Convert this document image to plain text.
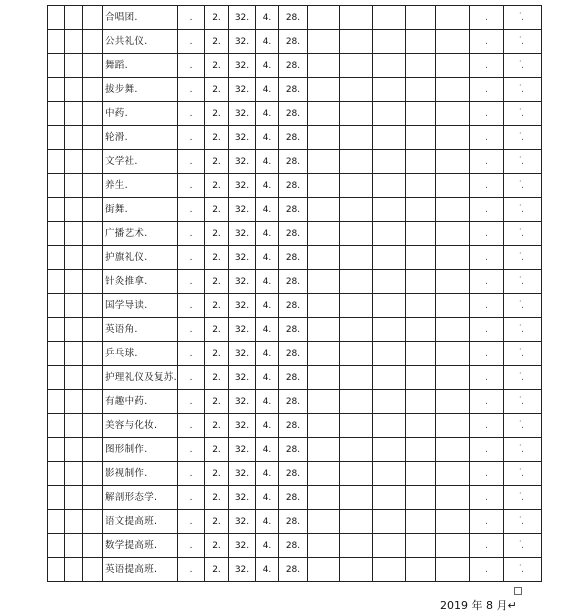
			合唱团.	.	2.	32.	4.	28.						.	.
			公共礼仪.	.	2.	32.	4.	28.						.	.
			舞蹈.	.	2.	32.	4.	28.						.	.
			拔步舞.	.	2.	32.	4.	28.						.	.
			中药.	.	2.	32.	4.	28.						.	.
			轮滑.	.	2.	32.	4.	28.						.	.
			文学社.	.	2.	32.	4.	28.						.	.
			养生.	.	2.	32.	4.	28.						.	.
			街舞.	.	2.	32.	4.	28.						.	.
			广播艺术.	.	2.	32.	4.	28.						.	.
			护旗礼仪.	.	2.	32.	4.	28.						.	.
			针灸推拿.	.	2.	32.	4.	28.						.	.
			国学导读.	.	2.	32.	4.	28.						.	.
			英语角.	.	2.	32.	4.	28.						.	.
			乒乓球.	.	2.	32.	4.	28.						.	.
			护理礼仪及复苏.	.	2.	32.	4.	28.						.	.
			有趣中药.	.	2.	32.	4.	28.						.	.
			美容与化妆.	.	2.	32.	4.	28.						.	.
			图形制作.	.	2.	32.	4.	28.						.	.
			影视制作.	.	2.	32.	4.	28.						.	.
			解剖形态学.	.	2.	32.	4.	28.						.	.
			语文提高班.	.	2.	32.	4.	28.						.	.
			数学提高班.	.	2.	32.	4.	28.						.	.
			英语提高班.	.	2.	32.	4.	28.						.	.
·
·
·
·
·
·
·
·
·
·
·
·
·
·
·
·
·
·
·
·
·
·
·
·
2019 年 8 月↵
